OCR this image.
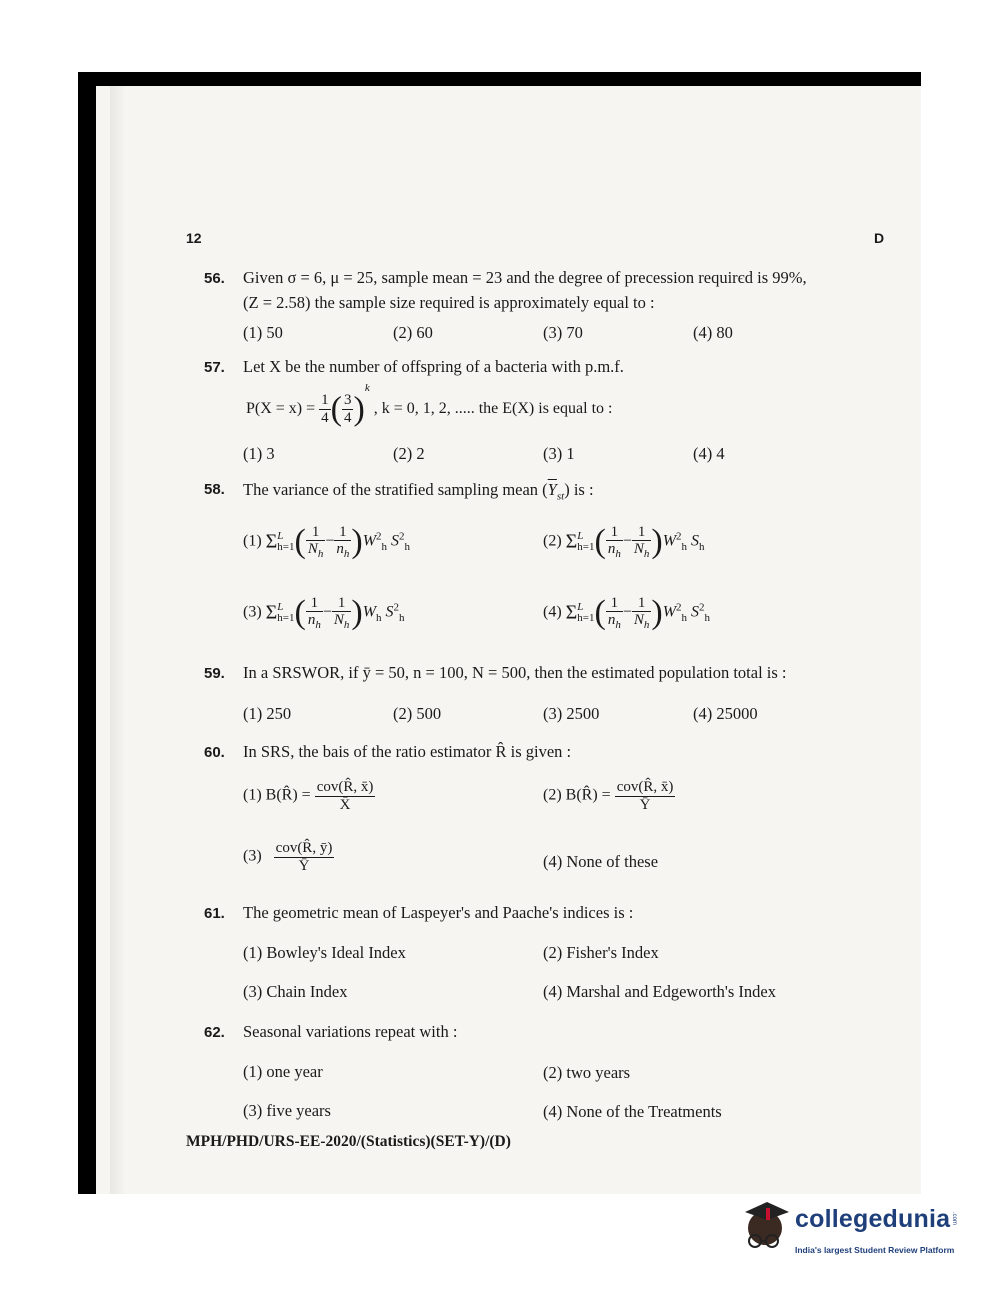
12	D
56. Given σ = 6, μ = 25, sample mean = 23 and the degree of precession requirєd is 99%,
(Z = 2.58) the sample size required is approximately equal to :
(1) 50	(2) 60	(3) 70	(4) 80
57. Let X be the number of offspring of a bacteria with p.m.f.
$P(X = x) = \frac{1}{4}$ ( $\frac{3}{4} )^k$ , k = 0, 1, 2, ..... the E(X) is equal to :
(1) 3	(2) 2	(3) 1	(4) 4
58. The variance of the stratified sampling mean $(\overline{Y}_{st})$ is :
(1) Σ L
h=1 ( $\frac{1}{N_h} - \frac{1}{n_h} )W^2_h$ $S^2_h$	(2) Σ L
h=1 ( $\frac{1}{n_h} - \frac{1}{N_h} )W^2_h$ $S_h$
(3) Σ L
h=1 ( $\frac{1}{n_h} - \frac{1}{N_h} )W_h$ $S^2_h$	(4) Σ L
h=1 ( $\frac{1}{n_h} - \frac{1}{N_h} )W^2_h$ $S^2_h$
59. In a SRSWOR, if ȳ = 50, n = 100, N = 500, then the estimated population total is :
(1) 250	(2) 500	(3) 2500	(4) 25000
60. In SRS, the bais of the ratio estimator R̂ is given :
(1) B(R̂) = $\frac{\text{cov(R̂, x̄)}}{X̄}$	(2) B(R̂) = $\frac{\text{cov(R̂, x̄)}}{Ȳ}$
$(3) \frac{\text{cov(R̂, ȳ)}}{Ȳ}$	(4) None of these
61. The geometric mean of Laspeyer's and Paache's indices is :
(1) Bowley's Ideal Index	(2) Fisher's Index
(3) Chain Index	(4) Marshal and Edgeworth's Index
62. Seasonal variations repeat with :
(1) one year	(2) two years
(3) five years	(4) None of the Treatments
MPH/PHD/URS-EE-2020/(Statistics)(SET-Y)/(D)
collegedunia .com
India's largest Student Review Platform
